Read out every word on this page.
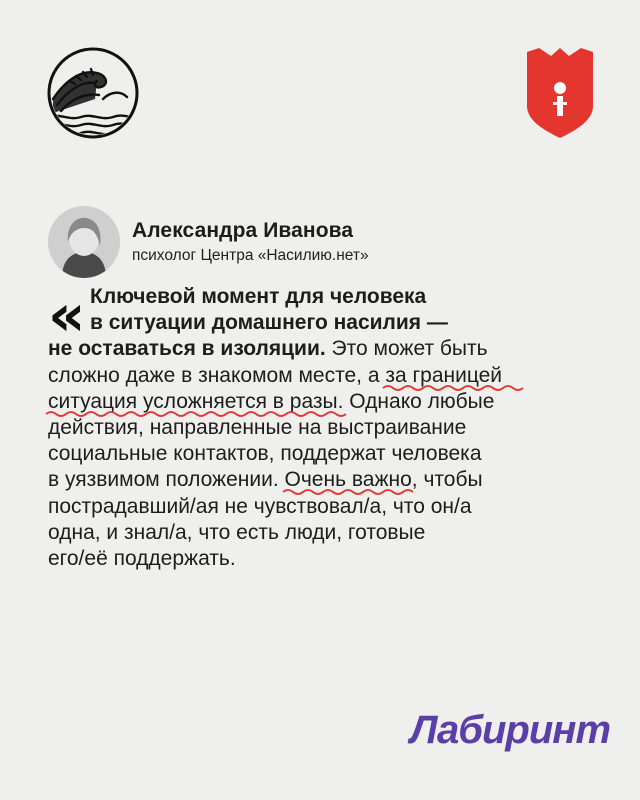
Александра Иванова
психолог Центра «Насилию.нет»
« Ключевой момент для человека
в ситуации домашнего насилия —
не оставаться в изоляции. Это может быть
сложно даже в знакомом месте, а за границей
ситуация усложняется в разы
. Однако любые
действия, направленные на выстраивание
социальные контактов, поддержат человека
в уязвимом положении. Очень важно
, чтобы
пострадавший/ая не чувствовал/а, что он/а
одна, и знал/а, что есть люди, готовые
его/её поддержать.
Лабиринт
